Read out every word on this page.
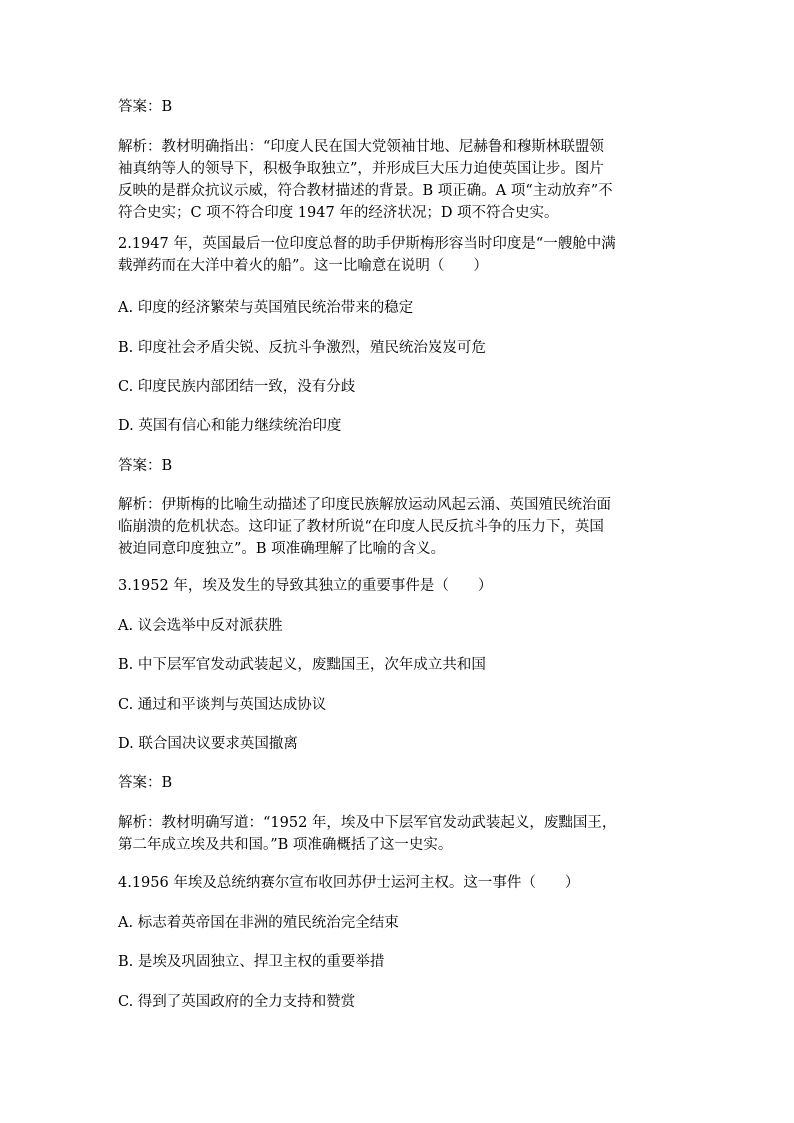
答案：B
解析：教材明确指出：“印度人民在国大党领袖甘地、尼赫鲁和穆斯林联盟领
袖真纳等人的领导下，积极争取独立”，并形成巨大压力迫使英国让步。图片
反映的是群众抗议示威，符合教材描述的背景。B 项正确。A 项“主动放弃”不
符合史实；C 项不符合印度 1947 年的经济状况；D 项不符合史实。
2.1947 年，英国最后一位印度总督的助手伊斯梅形容当时印度是“一艘舱中满
载弹药而在大洋中着火的船”。这一比喻意在说明（　　）
A. 印度的经济繁荣与英国殖民统治带来的稳定
B. 印度社会矛盾尖锐、反抗斗争激烈，殖民统治岌岌可危
C. 印度民族内部团结一致，没有分歧
D. 英国有信心和能力继续统治印度
答案：B
解析：伊斯梅的比喻生动描述了印度民族解放运动风起云涌、英国殖民统治面
临崩溃的危机状态。这印证了教材所说“在印度人民反抗斗争的压力下，英国
被迫同意印度独立”。B 项准确理解了比喻的含义。
3.1952 年，埃及发生的导致其独立的重要事件是（　　）
A. 议会选举中反对派获胜
B. 中下层军官发动武装起义，废黜国王，次年成立共和国
C. 通过和平谈判与英国达成协议
D. 联合国决议要求英国撤离
答案：B
解析：教材明确写道：“1952 年，埃及中下层军官发动武装起义，废黜国王，
第二年成立埃及共和国。”B 项准确概括了这一史实。
4.1956 年埃及总统纳赛尔宣布收回苏伊士运河主权。这一事件（　　）
A. 标志着英帝国在非洲的殖民统治完全结束
B. 是埃及巩固独立、捍卫主权的重要举措
C. 得到了英国政府的全力支持和赞赏
